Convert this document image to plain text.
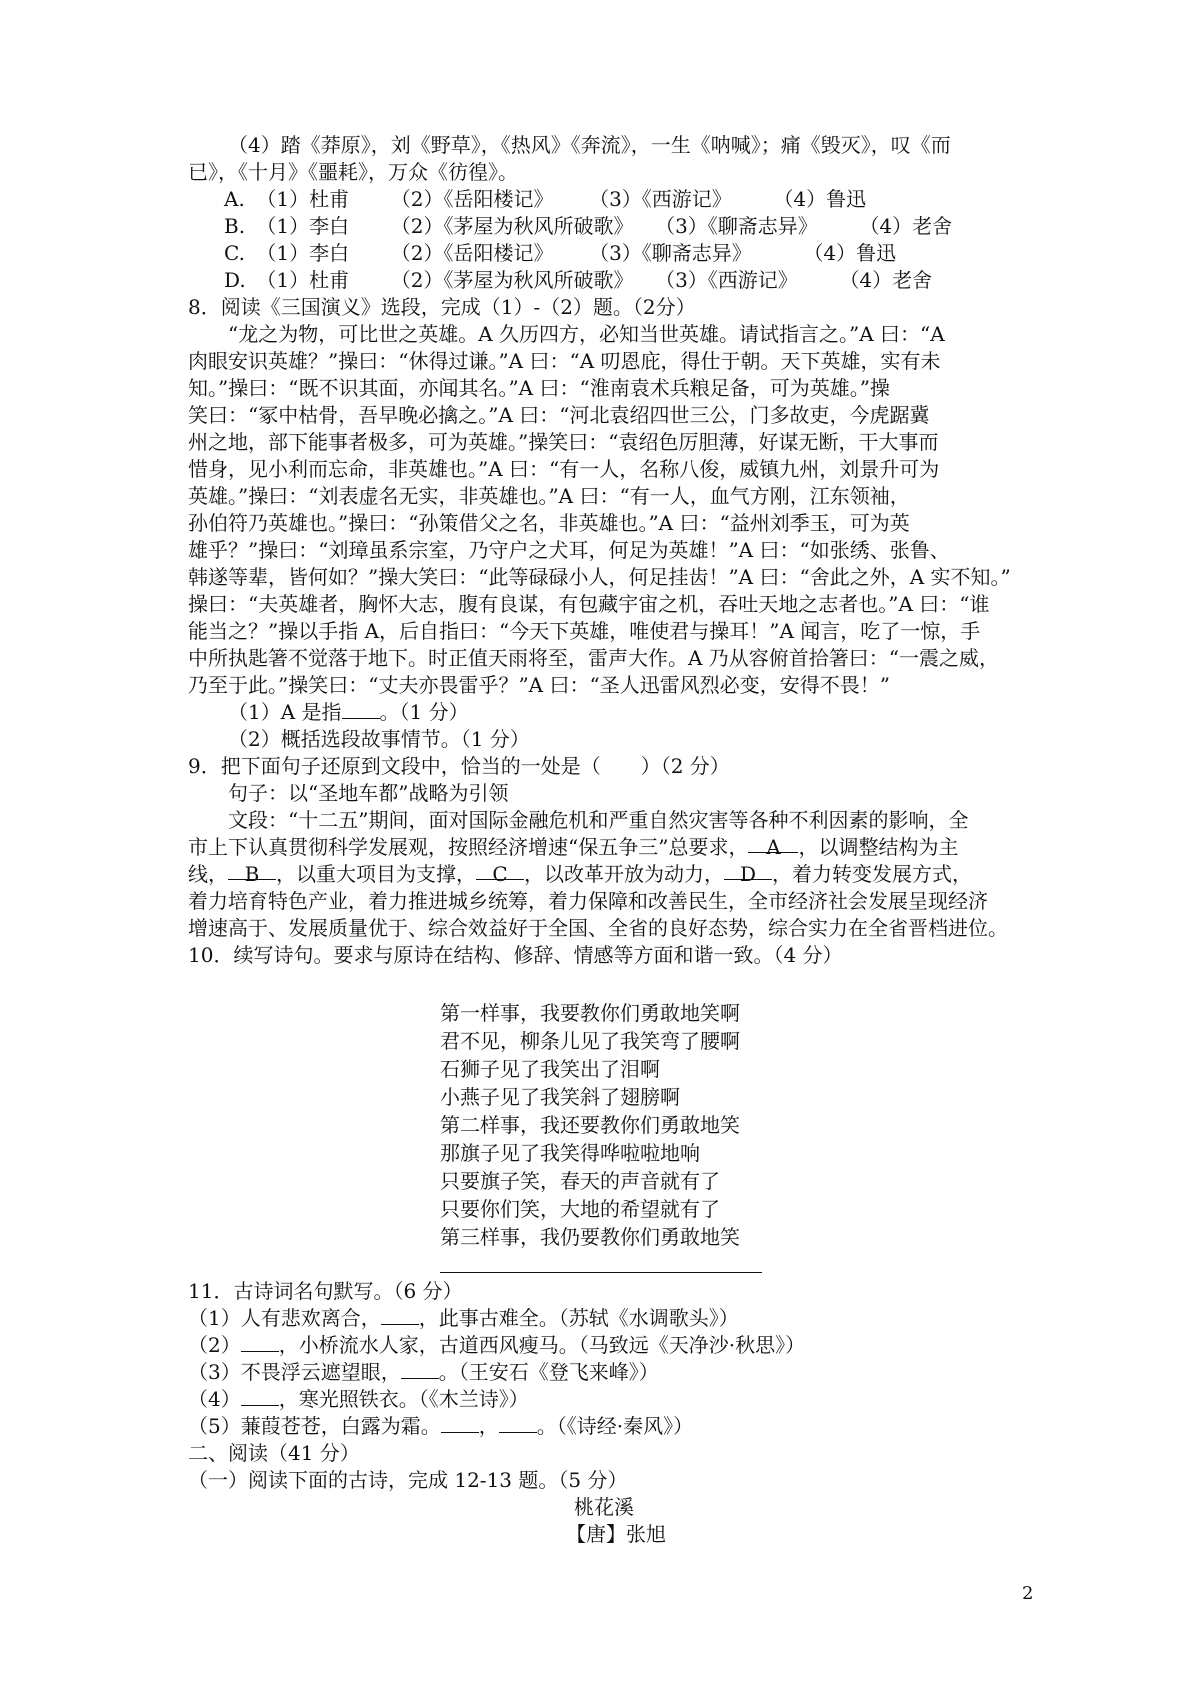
（4）踏《莽原》，刘《野草》，《热风》《奔流》，一生《呐喊》；痛《毁灭》，叹《而
已》，《十月》《噩耗》，万众《彷徨》。
A. （1）杜甫 （2）《岳阳楼记》 （3）《西游记》 （4）鲁迅
B. （1）李白 （2）《茅屋为秋风所破歌》 （3）《聊斋志异》 （4）老舍
C. （1）李白 （2）《岳阳楼记》 （3）《聊斋志异》	（4）鲁迅
D. （1）杜甫 （2）《茅屋为秋风所破歌》 （3）《西游记》 （4）老舍
8．阅读《三国演义》选段，完成（1）-（2）题。（2分）
“龙之为物，可比世之英雄。A 久历四方，必知当世英雄。请试指言之。”A 曰：“A
肉眼安识英雄？”操曰：“休得过谦。”A 曰：“A 叨恩庇，得仕于朝。天下英雄，实有未
知。”操曰：“既不识其面，亦闻其名。”A 曰：“淮南袁术兵粮足备，可为英雄。”操
笑曰：“冢中枯骨，吾早晚必擒之。”A 曰：“河北袁绍四世三公，门多故吏，今虎踞冀
州之地，部下能事者极多，可为英雄。”操笑曰：“袁绍色厉胆薄，好谋无断，干大事而
惜身，见小利而忘命，非英雄也。”A 曰：“有一人，名称八俊，威镇九州，刘景升可为
英雄。”操曰：“刘表虚名无实，非英雄也。”A 曰：“有一人，血气方刚，江东领袖，
孙伯符乃英雄也。”操曰：“孙策借父之名，非英雄也。”A 曰：“益州刘季玉，可为英
雄乎？”操曰：“刘璋虽系宗室，乃守户之犬耳，何足为英雄！”A 曰：“如张绣、张鲁、
韩遂等辈，皆何如？”操大笑曰：“此等碌碌小人，何足挂齿！”A 曰：“舍此之外，A 实不知。”
操曰：“夫英雄者，胸怀大志，腹有良谋，有包藏宇宙之机，吞吐天地之志者也。”A 曰：“谁
能当之？”操以手指 A，后自指曰：“今天下英雄，唯使君与操耳！”A 闻言，吃了一惊，手
中所执匙箸不觉落于地下。时正值天雨将至，雷声大作。A 乃从容俯首拾箸曰：“一震之威，
乃至于此。”操笑曰：“丈夫亦畏雷乎？”A 曰：“圣人迅雷风烈必变，安得不畏！”
（1）A 是指 。（1 分）
（2）概括选段故事情节。（1 分）
9．把下面句子还原到文段中，恰当的一处是（　　）（2 分）
句子：以“圣地车都”战略为引领
文段：“十二五”期间，面对国际金融危机和严重自然灾害等各种不利因素的影响，全
市上下认真贯彻科学发展观，按照经济增速“保五争三”总要求， A ，以调整结构为主
线， B ，以重大项目为支撑， C ，以改革开放为动力， D ，着力转变发展方式，
着力培育特色产业，着力推进城乡统筹，着力保障和改善民生，全市经济社会发展呈现经济
增速高于、发展质量优于、综合效益好于全国、全省的良好态势，综合实力在全省晋档进位。
10．续写诗句。要求与原诗在结构、修辞、情感等方面和谐一致。（4 分）
第一样事，我要教你们勇敢地笑啊
君不见，柳条儿见了我笑弯了腰啊
石狮子见了我笑出了泪啊
小燕子见了我笑斜了翅膀啊
第二样事，我还要教你们勇敢地笑
那旗子见了我笑得哗啦啦地响
只要旗子笑，春天的声音就有了
只要你们笑，大地的希望就有了
第三样事，我仍要教你们勇敢地笑
11．古诗词名句默写。（6 分）
（1）人有悲欢离合， ，此事古难全。（苏轼《水调歌头》）
（2） ，小桥流水人家，古道西风瘦马。（马致远《天净沙·秋思》）
（3）不畏浮云遮望眼， 。（王安石《登飞来峰》）
（4） ，寒光照铁衣。（《木兰诗》）
（5）蒹葭苍苍，白露为霜。 ， 。（《诗经·秦风》）
二、阅读（41 分）
（一）阅读下面的古诗，完成 12-13 题。（5 分）
桃花溪
【唐】张旭
2
